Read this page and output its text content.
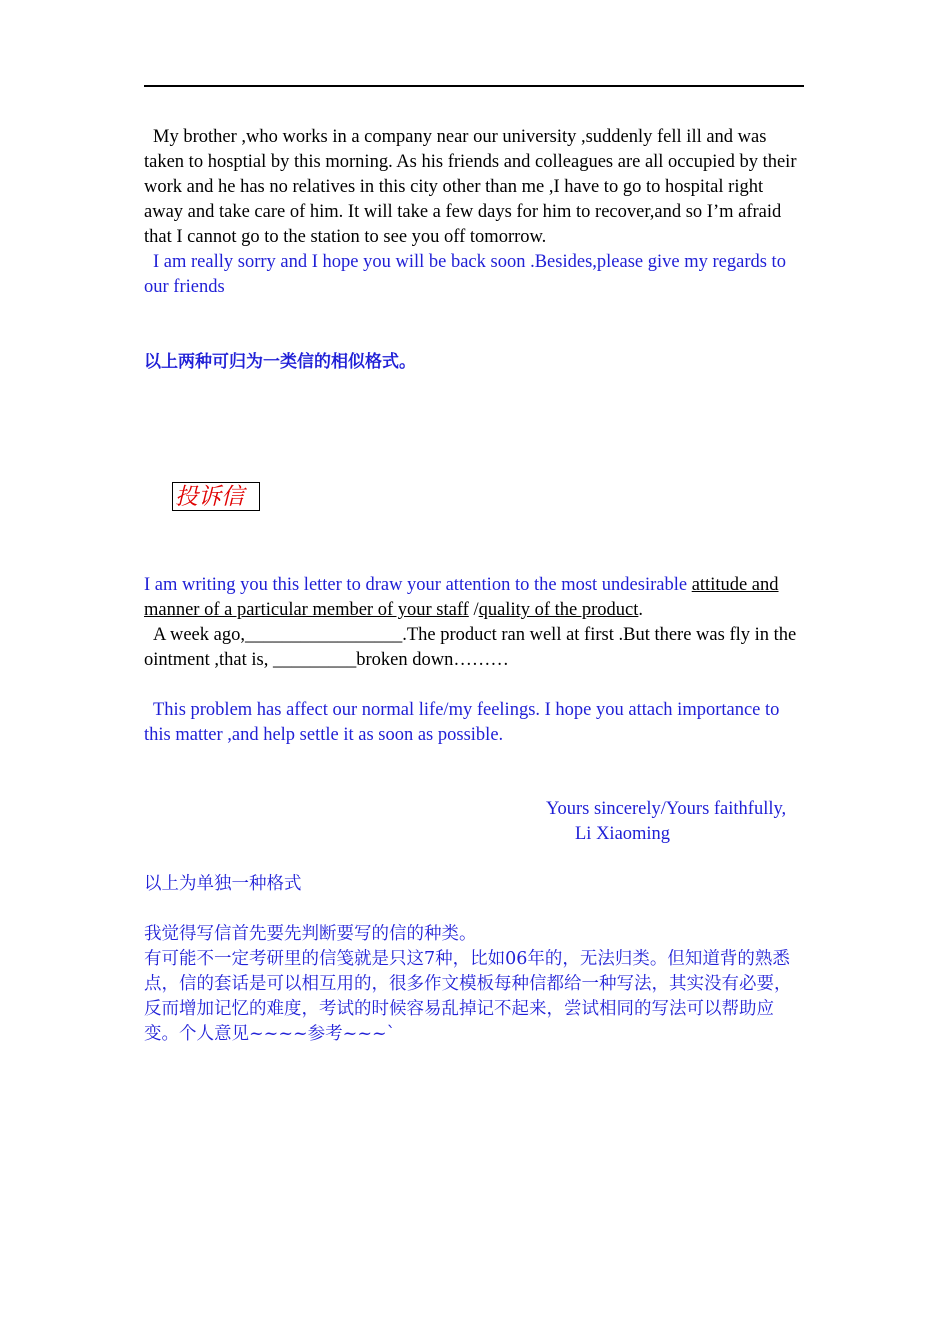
My brother ,who works in a company near our university ,suddenly fell ill and was taken to hosptial by this morning. As his friends and colleagues are all occupied by their work and he has no relatives in this city other than me ,I have to go to hospital right away and take care of him. It will take a few days for him to recover,and so I’m afraid that I cannot go to the station to see you off tomorrow.

I am really sorry and I hope you will be back soon .Besides,please give my regards to our friends

以上两种可归为一类信的相似格式。

投诉信

I am writing you this letter to draw your attention to the most undesirable attitude and manner of a particular member of your staff /quality of the product.

A week ago,_________________.The product ran well at first .But there was fly in the ointment ,that is, _________broken down………

This problem has affect our normal life/my feelings. I hope you attach importance to this matter ,and help settle it as soon as possible.

Yours sincerely/Yours faithfully,
Li Xiaoming

以上为单独一种格式

我觉得写信首先要先判断要写的信的种类。

有可能不一定考研里的信笺就是只这7种，比如06年的，无法归类。但知道背的熟悉点，信的套话是可以相互用的，很多作文模板每种信都给一种写法，其实没有必要，反而增加记忆的难度，考试的时候容易乱掉记不起来，尝试相同的写法可以帮助应变。个人意见~~~~参考~~~`
